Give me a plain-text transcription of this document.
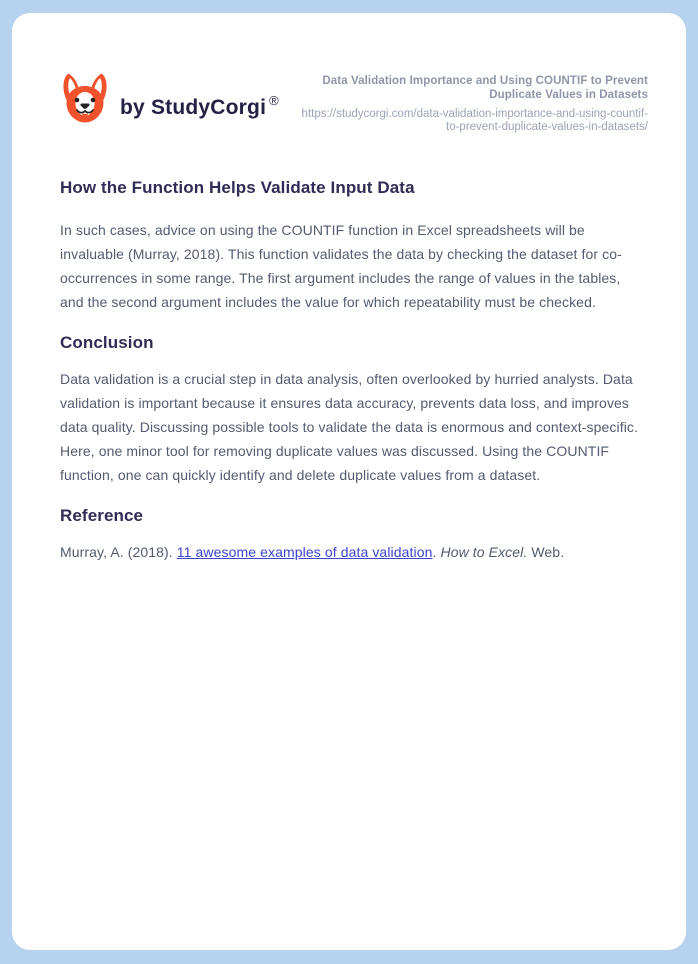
by StudyCorgi ®
Data Validation Importance and Using COUNTIF to Prevent Duplicate Values in Datasets
https://studycorgi.com/data-validation-importance-and-using-countif-to-prevent-duplicate-values-in-datasets/
How the Function Helps Validate Input Data

In such cases, advice on using the COUNTIF function in Excel spreadsheets will be invaluable (Murray, 2018). This function validates the data by checking the dataset for co-occurrences in some range. The first argument includes the range of values in the tables, and the second argument includes the value for which repeatability must be checked.

Conclusion

Data validation is a crucial step in data analysis, often overlooked by hurried analysts. Data validation is important because it ensures data accuracy, prevents data loss, and improves data quality. Discussing possible tools to validate the data is enormous and context-specific. Here, one minor tool for removing duplicate values was discussed. Using the COUNTIF function, one can quickly identify and delete duplicate values from a dataset.

Reference

Murray, A. (2018). 11 awesome examples of data validation. How to Excel. Web.
